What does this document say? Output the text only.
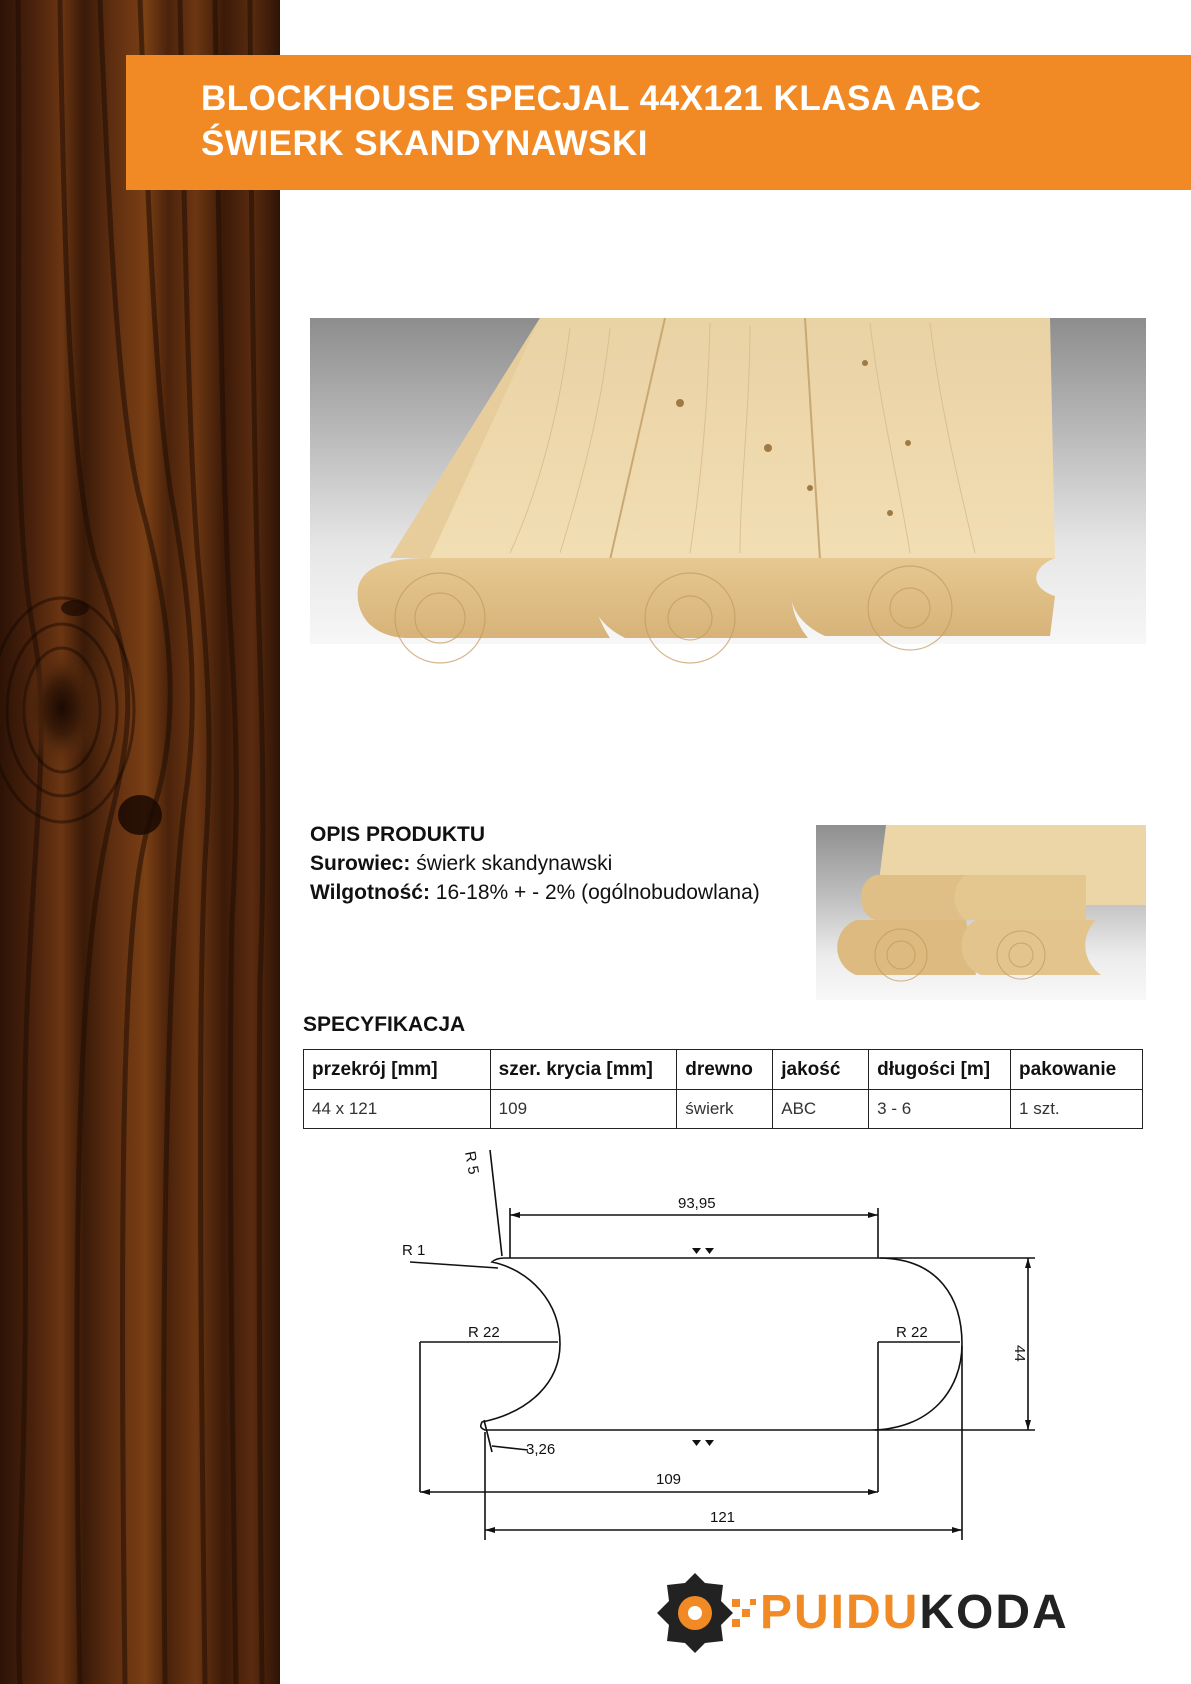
BLOCKHOUSE SPECJAL 44X121 KLASA ABC
ŚWIERK SKANDYNAWSKI
OPIS PRODUKTU
Surowiec: świerk skandynawski
Wilgotność: 16-18% + - 2% (ogólnobudowlana)
SPECYFIKACJA
przekrój [mm]	szer. krycia [mm]	drewno	jakość	długości [m]	pakowanie
44 x 121	109	świerk	ABC	3 - 6	1 szt.
R 5
R 1
R 22	R 22
93,95
44
3,26
109
121
PUIDUKODA
